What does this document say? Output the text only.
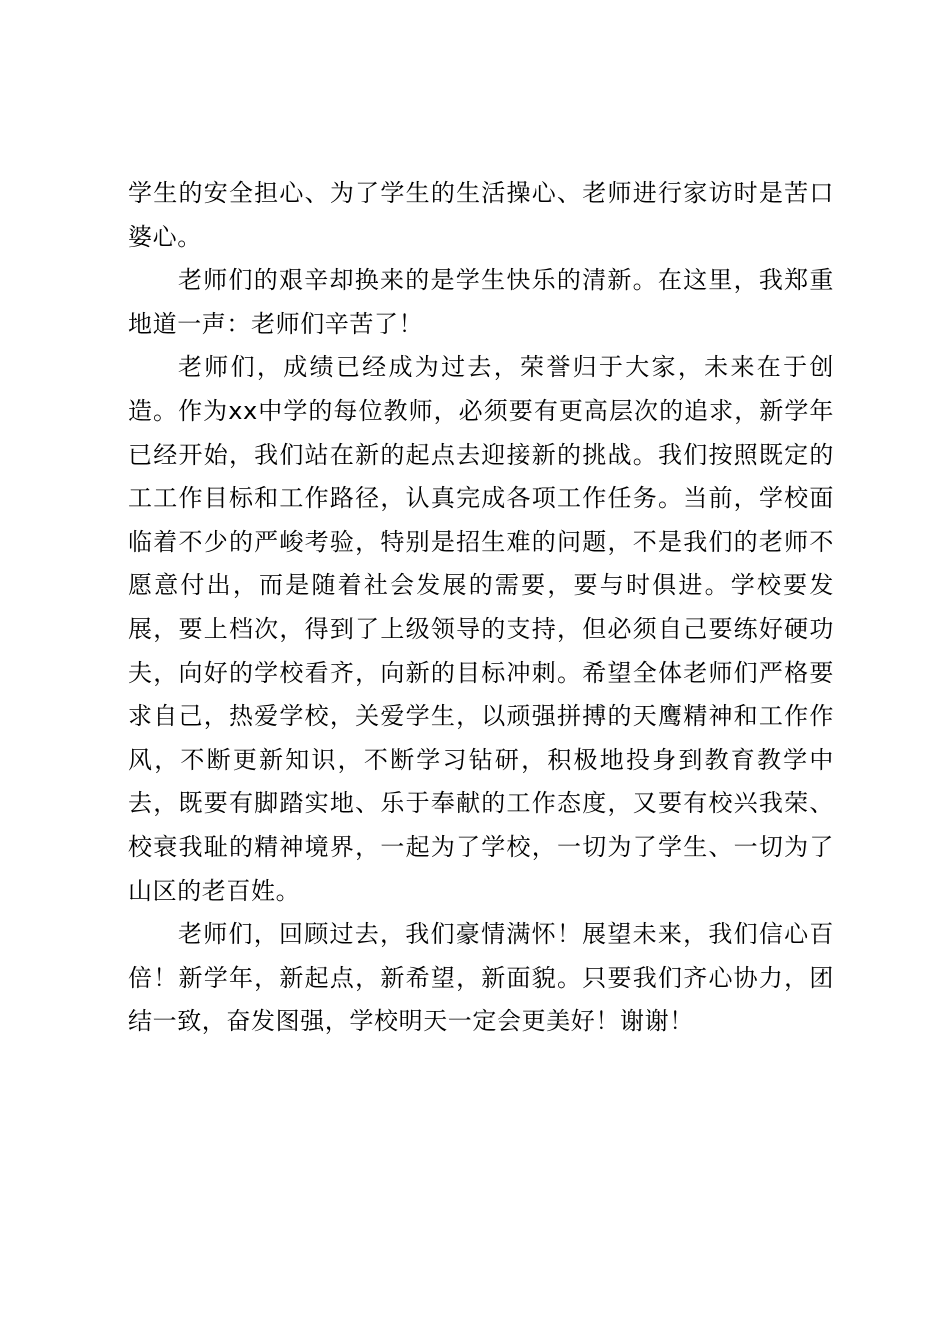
学生的安全担心、为了学生的生活操心、老师进行家访时是苦口婆心。

老师们的艰辛却换来的是学生快乐的清新。在这里，我郑重地道一声：老师们辛苦了！

老师们，成绩已经成为过去，荣誉归于大家，未来在于创造。作为xx中学的每位教师，必须要有更高层次的追求，新学年已经开始，我们站在新的起点去迎接新的挑战。我们按照既定的工工作目标和工作路径，认真完成各项工作任务。当前，学校面临着不少的严峻考验，特别是招生难的问题，不是我们的老师不愿意付出，而是随着社会发展的需要，要与时俱进。学校要发展，要上档次，得到了上级领导的支持，但必须自己要练好硬功夫，向好的学校看齐，向新的目标冲刺。希望全体老师们严格要求自己，热爱学校，关爱学生，以顽强拼搏的天鹰精神和工作作风，不断更新知识，不断学习钻研，积极地投身到教育教学中去，既要有脚踏实地、乐于奉献的工作态度，又要有校兴我荣、校衰我耻的精神境界，一起为了学校，一切为了学生、一切为了山区的老百姓。

老师们，回顾过去，我们豪情满怀！展望未来，我们信心百倍！新学年，新起点，新希望，新面貌。只要我们齐心协力，团结一致，奋发图强，学校明天一定会更美好！谢谢！
